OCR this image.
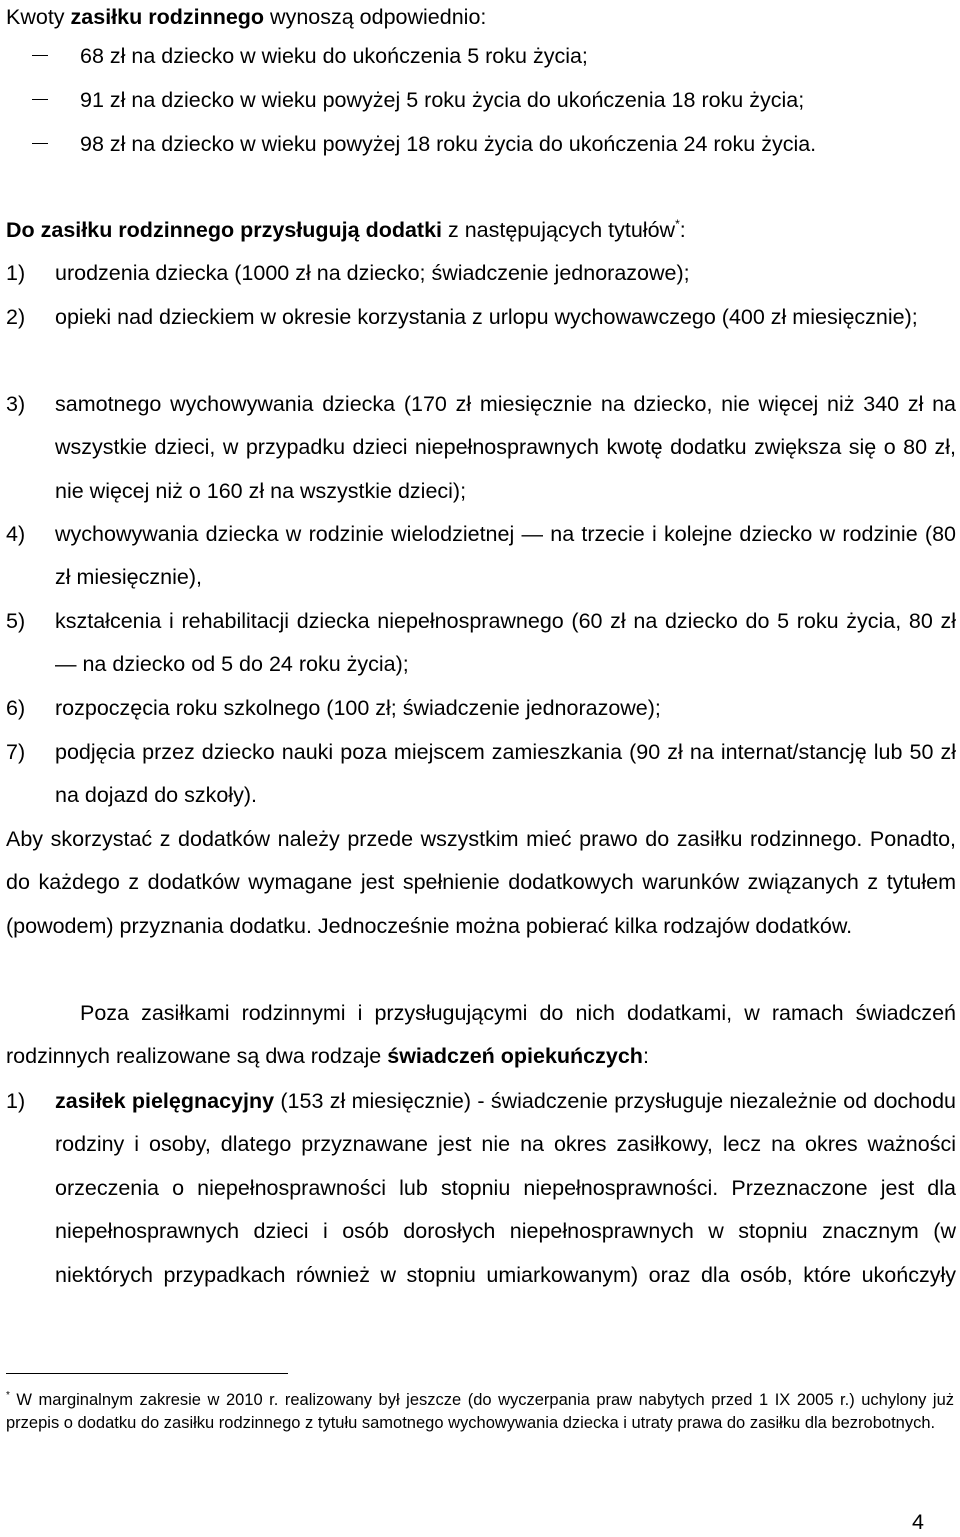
Kwoty zasiłku rodzinnego wynoszą odpowiednio:

68 zł na dziecko w wieku do ukończenia 5 roku życia;
91 zł na dziecko w wieku powyżej 5 roku życia do ukończenia 18 roku życia;
98 zł na dziecko w wieku powyżej 18 roku życia do ukończenia 24 roku życia.

Do zasiłku rodzinnego przysługują dodatki z następujących tytułów*:

1) urodzenia dziecka (1000 zł na dziecko; świadczenie jednorazowe);
2) opieki nad dzieckiem w okresie korzystania z urlopu wychowawczego (400 zł miesięcznie);
3) samotnego wychowywania dziecka (170 zł miesięcznie na dziecko, nie więcej niż 340 zł na wszystkie dzieci, w przypadku dzieci niepełnosprawnych kwotę dodatku zwiększa się o 80 zł, nie więcej niż o 160 zł na wszystkie dzieci);
4) wychowywania dziecka w rodzinie wielodzietnej — na trzecie i kolejne dziecko w rodzinie (80 zł miesięcznie),
5) kształcenia i rehabilitacji dziecka niepełnosprawnego (60 zł na dziecko do 5 roku życia, 80 zł — na dziecko od 5 do 24 roku życia);
6) rozpoczęcia roku szkolnego (100 zł; świadczenie jednorazowe);
7) podjęcia przez dziecko nauki poza miejscem zamieszkania (90 zł na internat/stancję lub 50 zł na dojazd do szkoły).

Aby skorzystać z dodatków należy przede wszystkim mieć prawo do zasiłku rodzinnego. Ponadto, do każdego z dodatków wymagane jest spełnienie dodatkowych warunków związanych z tytułem (powodem) przyznania dodatku. Jednocześnie można pobierać kilka rodzajów dodatków.

Poza zasiłkami rodzinnymi i przysługującymi do nich dodatkami, w ramach świadczeń rodzinnych realizowane są dwa rodzaje świadczeń opiekuńczych:

1) zasiłek pielęgnacyjny (153 zł miesięcznie) - świadczenie przysługuje niezależnie od dochodu rodziny i osoby, dlatego przyznawane jest nie na okres zasiłkowy, lecz na okres ważności orzeczenia o niepełnosprawności lub stopniu niepełnosprawności. Przeznaczone jest dla niepełnosprawnych dzieci i osób dorosłych niepełnosprawnych w stopniu znacznym (w niektórych przypadkach również w stopniu umiarkowanym) oraz dla osób, które ukończyły
* W marginalnym zakresie w 2010 r. realizowany był jeszcze (do wyczerpania praw nabytych przed 1 IX 2005 r.) uchylony już przepis o dodatku do zasiłku rodzinnego z tytułu samotnego wychowywania dziecka i utraty prawa do zasiłku dla bezrobotnych.
4
